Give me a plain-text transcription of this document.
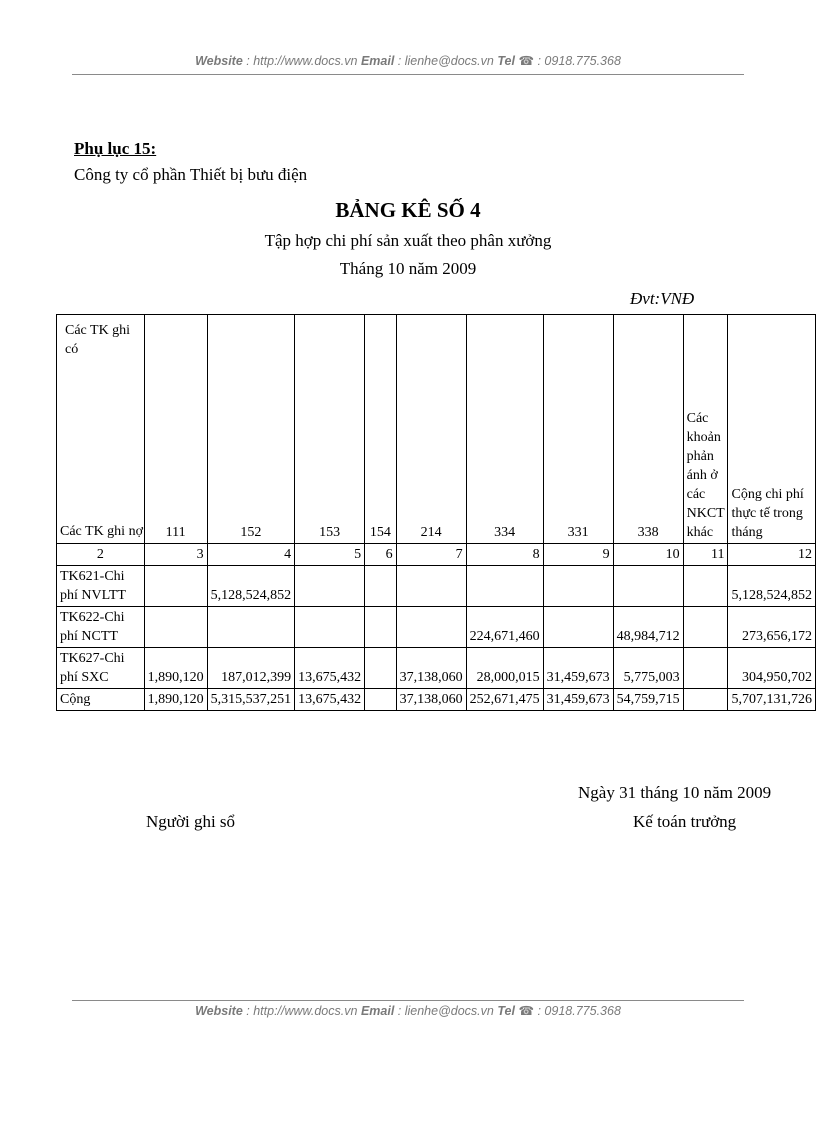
Website : http://www.docs.vn Email : lienhe@docs.vn Tel ☎ : 0918.775.368
Phụ lục 15:
Công ty cổ phần Thiết bị bưu điện
BẢNG KÊ SỐ 4
Tập hợp chi phí sản xuất theo phân xưởng
Tháng 10 năm 2009
Đvt:VNĐ
Các TK ghi có
Các TK ghi nợ	111	152	153	154	214	334	331	338	Các khoản phản ánh ở các NKCT khác	Cộng chi phí thực tế trong tháng
2	3	4	5	6	7	8	9	10	11	12
TK621-Chi phí NVLTT		5,128,524,852								5,128,524,852
TK622-Chi phí NCTT						224,671,460		48,984,712		273,656,172
TK627-Chi phí SXC	1,890,120	187,012,399	13,675,432		37,138,060	28,000,015	31,459,673	5,775,003		304,950,702
Cộng	1,890,120	5,315,537,251	13,675,432		37,138,060	252,671,475	31,459,673	54,759,715		5,707,131,726
Ngày 31 tháng 10 năm 2009
Người ghi sổ	Kế toán trưởng
Website : http://www.docs.vn Email : lienhe@docs.vn Tel ☎ : 0918.775.368
